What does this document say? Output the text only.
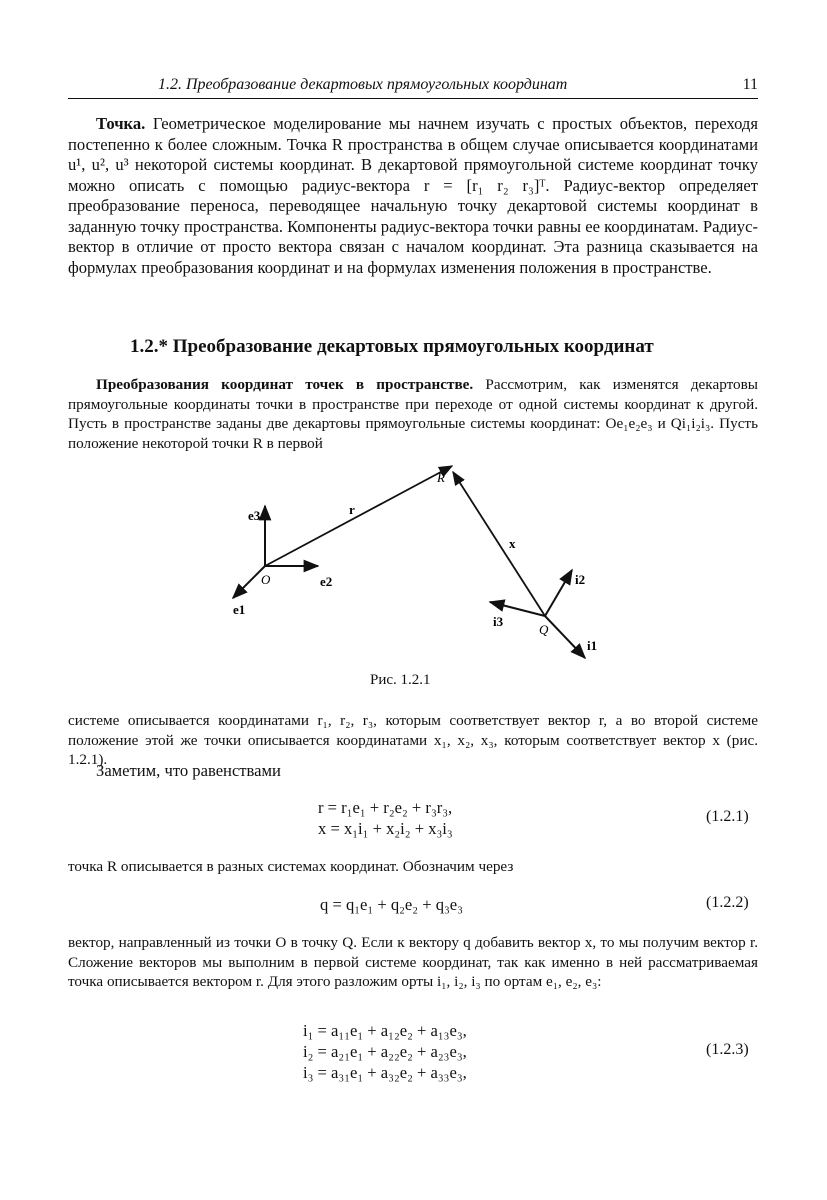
1.2. Преобразование декартовых прямоугольных координат	11

Точка. Геометрическое моделирование мы начнем изучать с простых объектов, переходя постепенно к более сложным. Точка R пространства в общем случае описывается координатами u¹, u², u³ некоторой системы координат. В декартовой прямоугольной системе координат точку можно описать с помощью радиус-вектора r = [r₁ r₂ r₃]ᵀ. Радиус-вектор определяет преобразование переноса, переводящее начальную точку декартовой системы координат в заданную точку пространства. Компоненты радиус-вектора точки равны ее координатам. Радиус-вектор в отличие от просто вектора связан с началом координат. Эта разница сказывается на формулах преобразования координат и на формулах изменения положения в пространстве.

1.2.* Преобразование декартовых прямоугольных координат

Преобразования координат точек в пространстве. Рассмотрим, как изменятся декартовы прямоугольные координаты точки в пространстве при переходе от одной системы координат к другой. Пусть в пространстве заданы две декартовы прямоугольные системы координат: Oe₁e₂e₃ и Qi₁i₂i₃. Пусть положение некоторой точки R в первой

e3
e2
e1
O
r
R
x
i2
i3
Q
i1
Рис. 1.2.1

системе описывается координатами r₁, r₂, r₃, которым соответствует вектор r, а во второй системе положение этой же точки описывается координатами x₁, x₂, x₃, которым соответствует вектор x (рис. 1.2.1).

Заметим, что равенствами

r = r₁e₁ + r₂e₂ + r₃r₃,
x = x₁i₁ + x₂i₂ + x₃i₃
(1.2.1)

точка R описывается в разных системах координат. Обозначим через

q = q₁e₁ + q₂e₂ + q₃e₃	(1.2.2)

вектор, направленный из точки O в точку Q. Если к вектору q добавить вектор x, то мы получим вектор r. Сложение векторов мы выполним в первой системе координат, так как именно в ней рассматриваемая точка описывается вектором r. Для этого разложим орты i₁, i₂, i₃ по ортам e₁, e₂, e₃:

i₁ = a₁₁e₁ + a₁₂e₂ + a₁₃e₃,
i₂ = a₂₁e₁ + a₂₂e₂ + a₂₃e₃,
i₃ = a₃₁e₁ + a₃₂e₂ + a₃₃e₃,
(1.2.3)
